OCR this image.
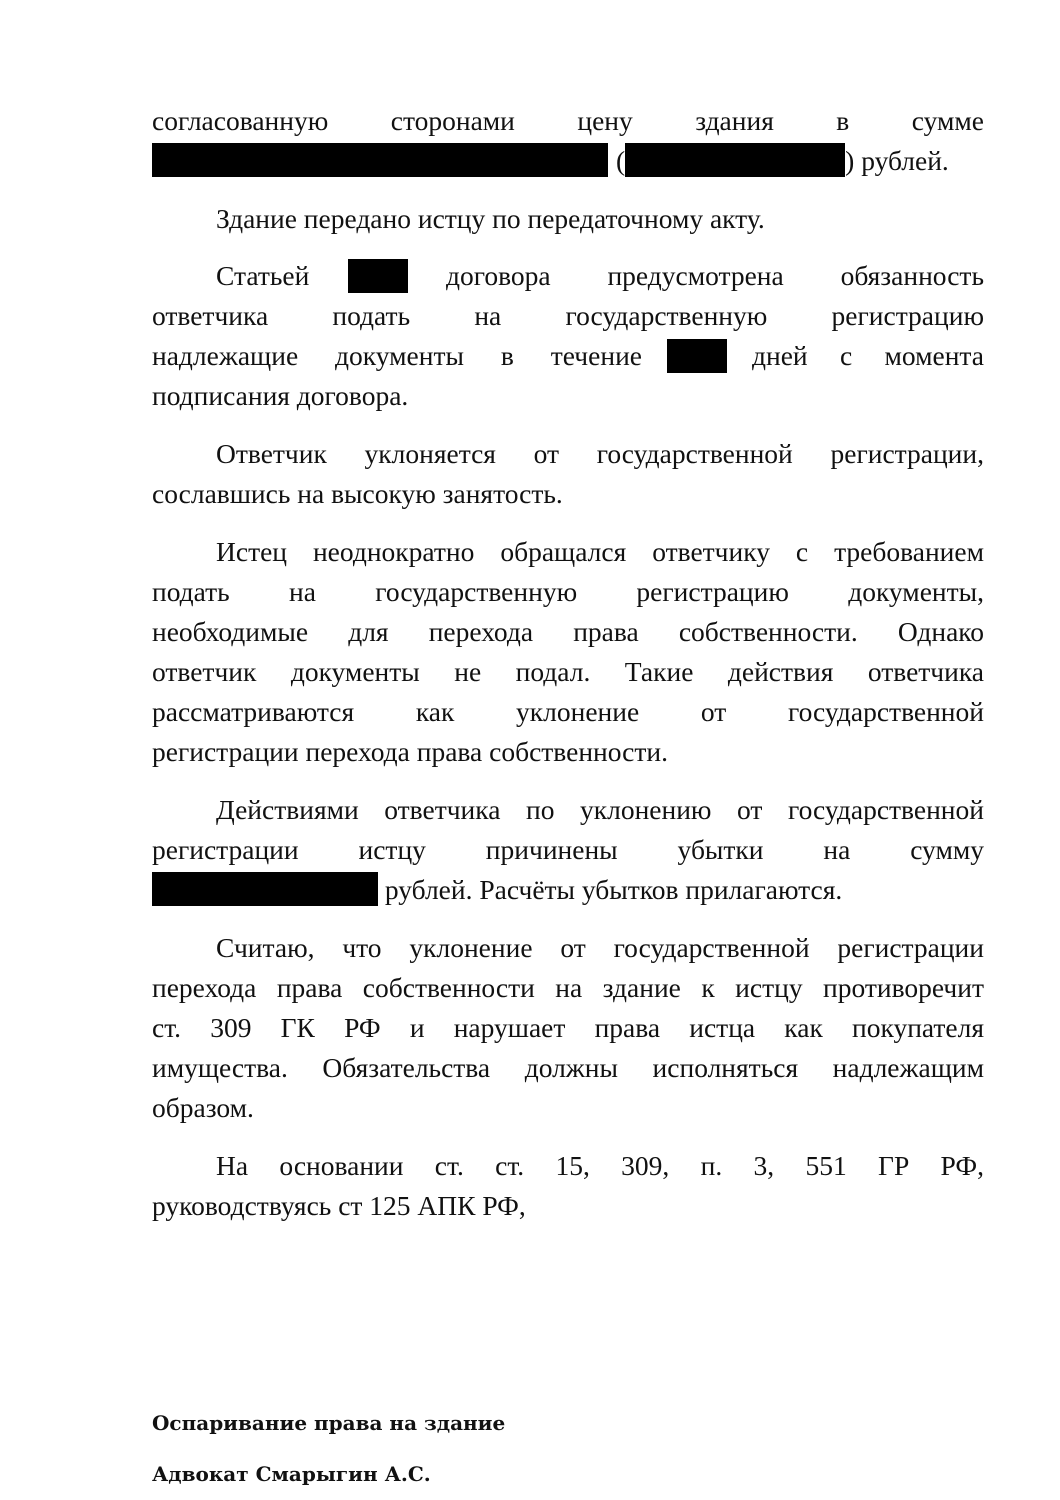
согласованную сторонами цену здания в сумме
(	) рублей.
Здание передано истцу по передаточному акту.
Статьей	договора предусмотрена обязанность
ответчика подать на государственную регистрацию
надлежащие документы в течение	дней с момента
подписания договора.
Ответчик уклоняется от государственной регистрации,
сославшись на высокую занятость.
Истец неоднократно обращался ответчику с требованием
подать на государственную регистрацию документы,
необходимые для перехода права собственности. Однако
ответчик документы не подал. Такие действия ответчика
рассматриваются как уклонение от государственной
регистрации перехода права собственности.
Действиями ответчика по уклонению от государственной
регистрации истцу причинены убытки на сумму
рублей. Расчёты убытков прилагаются.
Считаю, что уклонение от государственной регистрации
перехода права собственности на здание к истцу противоречит
ст. 309 ГК РФ и нарушает права истца как покупателя
имущества. Обязательства должны исполняться надлежащим
образом.
На основании ст. ст. 15, 309, п. 3, 551 ГР РФ,
руководствуясь ст 125 АПК РФ,
Оспаривание права на здание
Адвокат Смарыгин А.С.
